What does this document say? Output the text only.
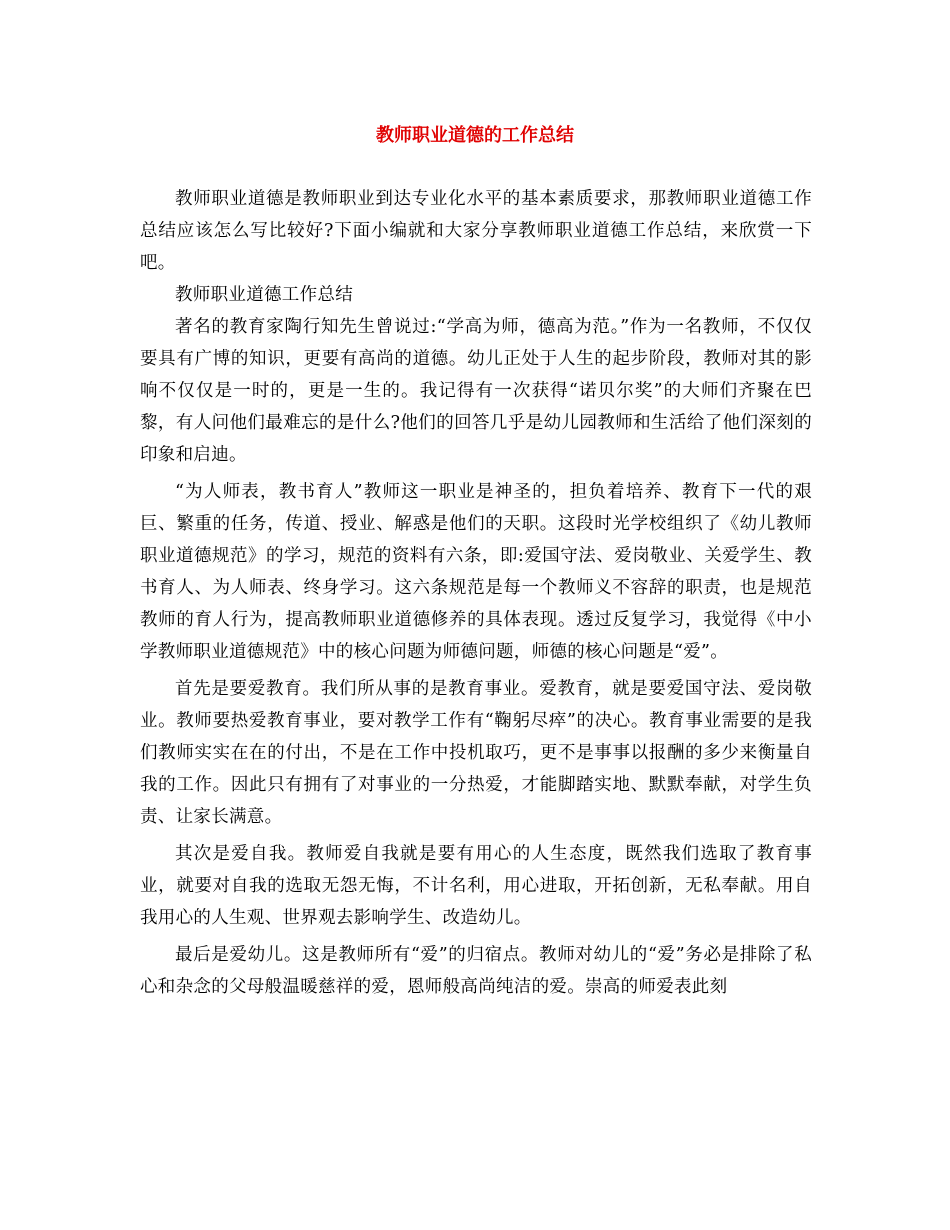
教师职业道德的工作总结

教师职业道德是教师职业到达专业化水平的基本素质要求，那教师职业道德工作总结应该怎么写比较好?下面小编就和大家分享教师职业道德工作总结，来欣赏一下吧。

教师职业道德工作总结

著名的教育家陶行知先生曾说过:“学高为师，德高为范。”作为一名教师，不仅仅要具有广博的知识，更要有高尚的道德。幼儿正处于人生的起步阶段，教师对其的影响不仅仅是一时的，更是一生的。我记得有一次获得“诺贝尔奖”的大师们齐聚在巴黎，有人问他们最难忘的是什么?他们的回答几乎是幼儿园教师和生活给了他们深刻的印象和启迪。

“为人师表，教书育人”教师这一职业是神圣的，担负着培养、教育下一代的艰巨、繁重的任务，传道、授业、解惑是他们的天职。这段时光学校组织了《幼儿教师职业道德规范》的学习，规范的资料有六条，即:爱国守法、爱岗敬业、关爱学生、教书育人、为人师表、终身学习。这六条规范是每一个教师义不容辞的职责，也是规范教师的育人行为，提高教师职业道德修养的具体表现。透过反复学习，我觉得《中小学教师职业道德规范》中的核心问题为师德问题，师德的核心问题是“爱”。

首先是要爱教育。我们所从事的是教育事业。爱教育，就是要爱国守法、爱岗敬业。教师要热爱教育事业，要对教学工作有“鞠躬尽瘁”的决心。教育事业需要的是我们教师实实在在的付出，不是在工作中投机取巧，更不是事事以报酬的多少来衡量自我的工作。因此只有拥有了对事业的一分热爱，才能脚踏实地、默默奉献，对学生负责、让家长满意。

其次是爱自我。教师爱自我就是要有用心的人生态度，既然我们选取了教育事业，就要对自我的选取无怨无悔，不计名利，用心进取，开拓创新，无私奉献。用自我用心的人生观、世界观去影响学生、改造幼儿。

最后是爱幼儿。这是教师所有“爱”的归宿点。教师对幼儿的“爱”务必是排除了私心和杂念的父母般温暖慈祥的爱，恩师般高尚纯洁的爱。崇高的师爱表此刻
